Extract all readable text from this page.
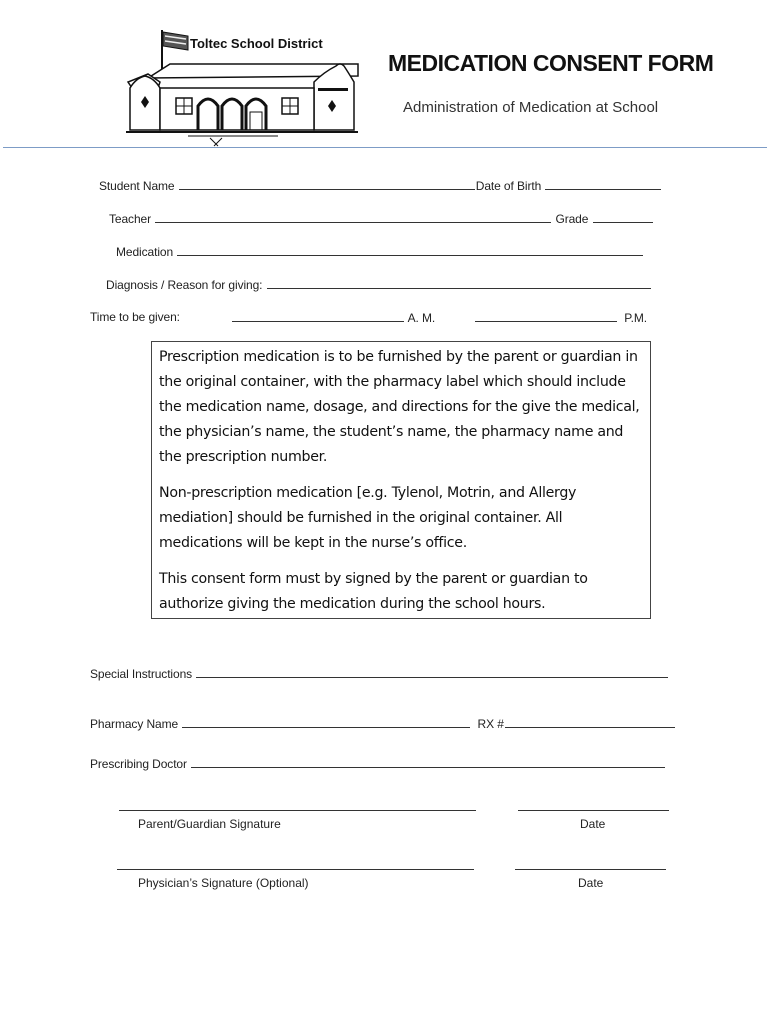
Toltec School District
MEDICATION CONSENT FORM
Administration of Medication at School
Student Name	Date of Birth
Teacher	Grade
Medication
Diagnosis / Reason for giving:
Time to be given:	A. M.	P.M.

Prescription medication is to be furnished by the parent or guardian in the original container, with the pharmacy label which should include the medication name, dosage, and directions for the give the medical, the physician’s name, the student’s name, the pharmacy name and the prescription number.

Non-prescription medication [e.g. Tylenol, Motrin, and Allergy mediation] should be furnished in the original container. All medications will be kept in the nurse’s office.

This consent form must by signed by the parent or guardian to authorize giving the medication during the school hours.

Special Instructions
Pharmacy Name	RX #
Prescribing Doctor
Parent/Guardian Signature	Date
Physician’s Signature (Optional)	Date
